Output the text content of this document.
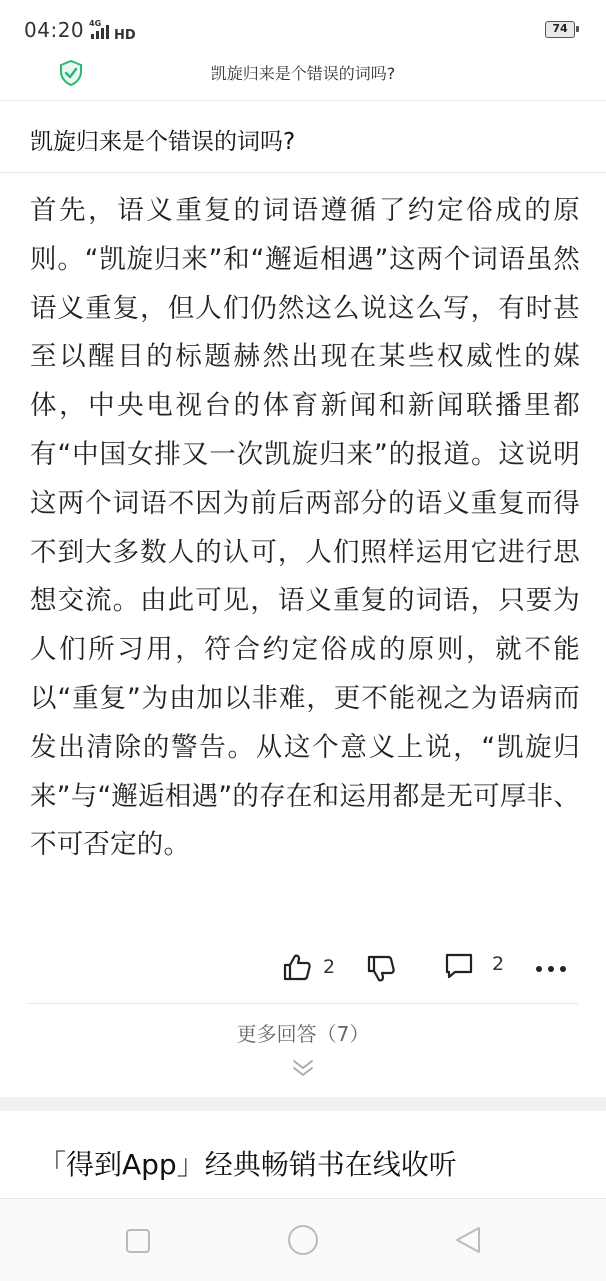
04:20 4G
HD	74
凯旋归来是个错误的词吗?
凯旋归来是个错误的词吗?

首先，语义重复的词语遵循了约定俗成的原则。“凯旋归来”和“邂逅相遇”这两个词语虽然语义重复，但人们仍然这么说这么写，有时甚至以醒目的标题赫然出现在某些权威性的媒体，中央电视台的体育新闻和新闻联播里都有“中国女排又一次凯旋归来”的报道。这说明这两个词语不因为前后两部分的语义重复而得不到大多数人的认可，人们照样运用它进行思想交流。由此可见，语义重复的词语，只要为人们所习用，符合约定俗成的原则，就不能以“重复”为由加以非难，更不能视之为语病而发出清除的警告。从这个意义上说，“凯旋归来”与“邂逅相遇”的存在和运用都是无可厚非、不可否定的。

2	2
更多回答（7）
「得到App」经典畅销书在线收听
